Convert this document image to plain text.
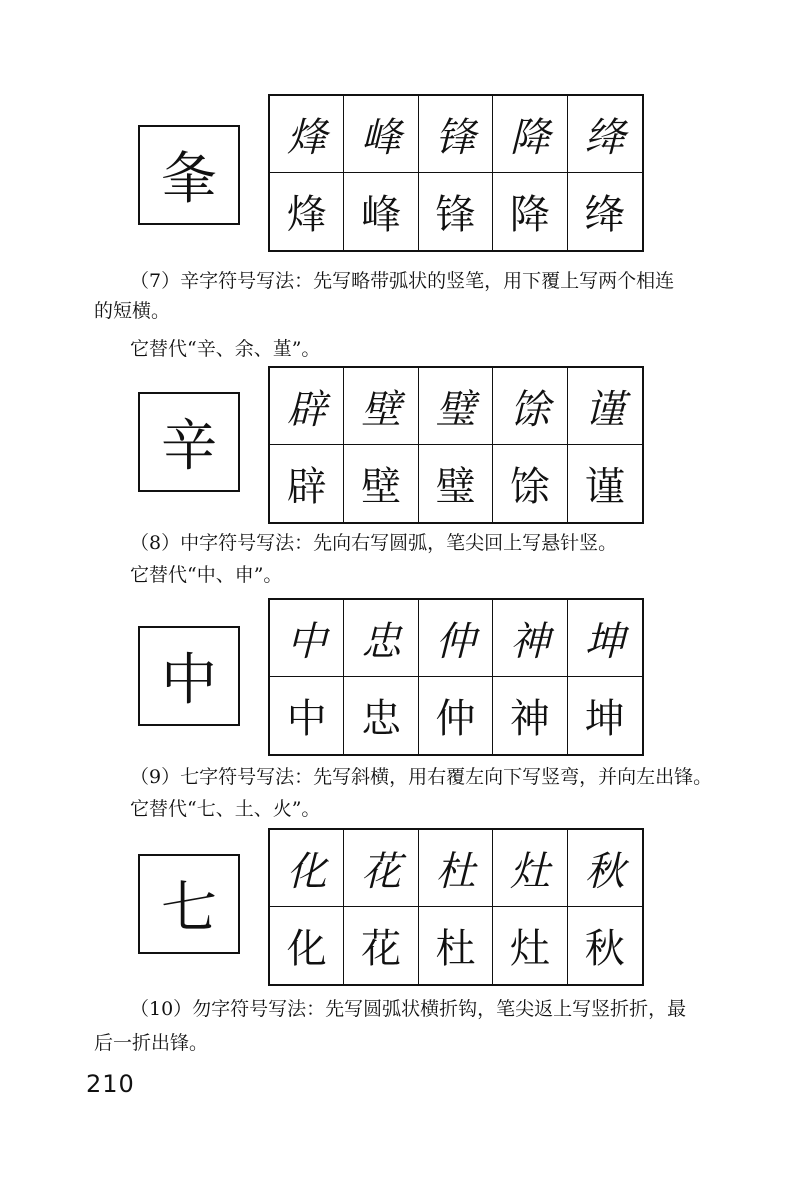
夆
烽 峰 锋 降 绛
烽 峰 锋 降 绛
（7）辛字符号写法：先写略带弧状的竖笔，用下覆上写两个相连
的短横。
它替代“辛、余、堇”。
辛
辟 壁 璧 馀 谨
辟 壁 璧 馀 谨
（8）中字符号写法：先向右写圆弧，笔尖回上写悬针竖。
它替代“中、申”。
中
中 忠 仲 神 坤
中 忠 仲 神 坤
（9）七字符号写法：先写斜横，用右覆左向下写竖弯，并向左出锋。
它替代“七、土、火”。
七
化 花 杜 灶 秋
化 花 杜 灶 秋
（10）勿字符号写法：先写圆弧状横折钩，笔尖返上写竖折折，最
后一折出锋。
210
